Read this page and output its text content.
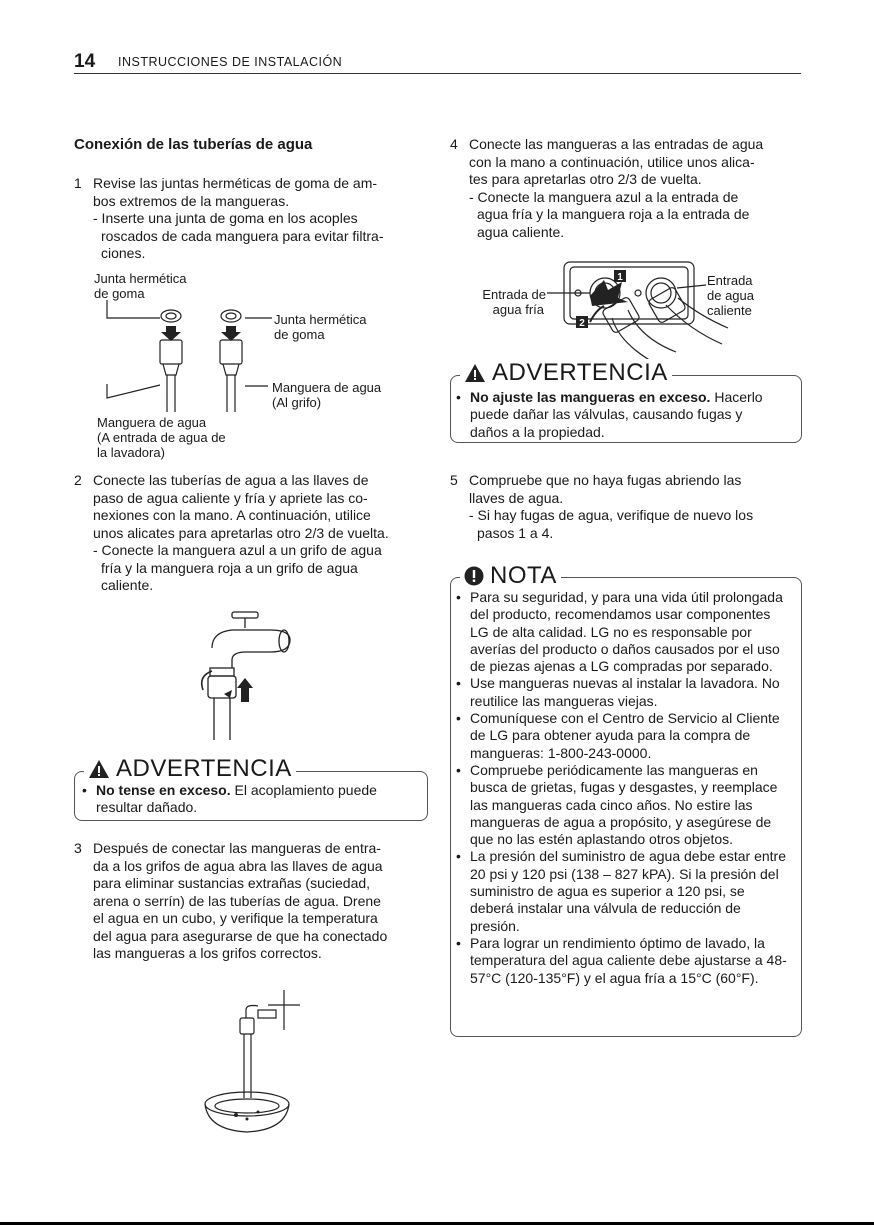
14 INSTRUCCIONES DE INSTALACIÓN
Conexión de las tuberías de agua
1 Revise las juntas herméticas de goma de am-
bos extremos de la mangueras.
- Inserte una junta de goma en los acoples
roscados de cada manguera para evitar filtra-
ciones.
Junta hermética
de goma
Junta hermética
de goma
Manguera de agua
(Al grifo)
Manguera de agua
(A entrada de agua de
la lavadora)
2 Conecte las tuberías de agua a las llaves de
paso de agua caliente y fría y apriete las co-
nexiones con la mano. A continuación, utilice
unos alicates para apretarlas otro 2/3 de vuelta.
- Conecte la manguera azul a un grifo de agua
fría y la manguera roja a un grifo de agua
caliente.
ADVERTENCIA
• No tense en exceso. El acoplamiento puede
resultar dañado.
3 Después de conectar las mangueras de entra-
da a los grifos de agua abra las llaves de agua
para eliminar sustancias extrañas (suciedad,
arena o serrín) de las tuberías de agua. Drene
el agua en un cubo, y verifique la temperatura
del agua para asegurarse de que ha conectado
las mangueras a los grifos correctos.
4 Conecte las mangueras a las entradas de agua
con la mano a continuación, utilice unos alica-
tes para apretarlas otro 2/3 de vuelta.
- Conecte la manguera azul a la entrada de
agua fría y la manguera roja a la entrada de
agua caliente.
Entrada de
agua fría
Entrada
de agua
caliente
1
2
ADVERTENCIA
• No ajuste las mangueras en exceso. Hacerlo
puede dañar las válvulas, causando fugas y
daños a la propiedad.
5 Compruebe que no haya fugas abriendo las
llaves de agua.
- Si hay fugas de agua, verifique de nuevo los
pasos 1 a 4.
NOTA
• Para su seguridad, y para una vida útil prolongada del producto, recomendamos usar componentes LG de alta calidad. LG no es responsable por averías del producto o daños causados por el uso de piezas ajenas a LG compradas por separado.
• Use mangueras nuevas al instalar la lavadora. No reutilice las mangueras viejas.
• Comuníquese con el Centro de Servicio al Cliente de LG para obtener ayuda para la compra de mangueras: 1-800-243-0000.
• Compruebe periódicamente las mangueras en busca de grietas, fugas y desgastes, y reemplace las mangueras cada cinco años. No estire las mangueras de agua a propósito, y asegúrese de que no las estén aplastando otros objetos.
• La presión del suministro de agua debe estar entre 20 psi y 120 psi (138 – 827 kPA). Si la presión del suministro de agua es superior a 120 psi, se deberá instalar una válvula de reducción de presión.
• Para lograr un rendimiento óptimo de lavado, la temperatura del agua caliente debe ajustarse a 48-57°C (120-135°F) y el agua fría a 15°C (60°F).
